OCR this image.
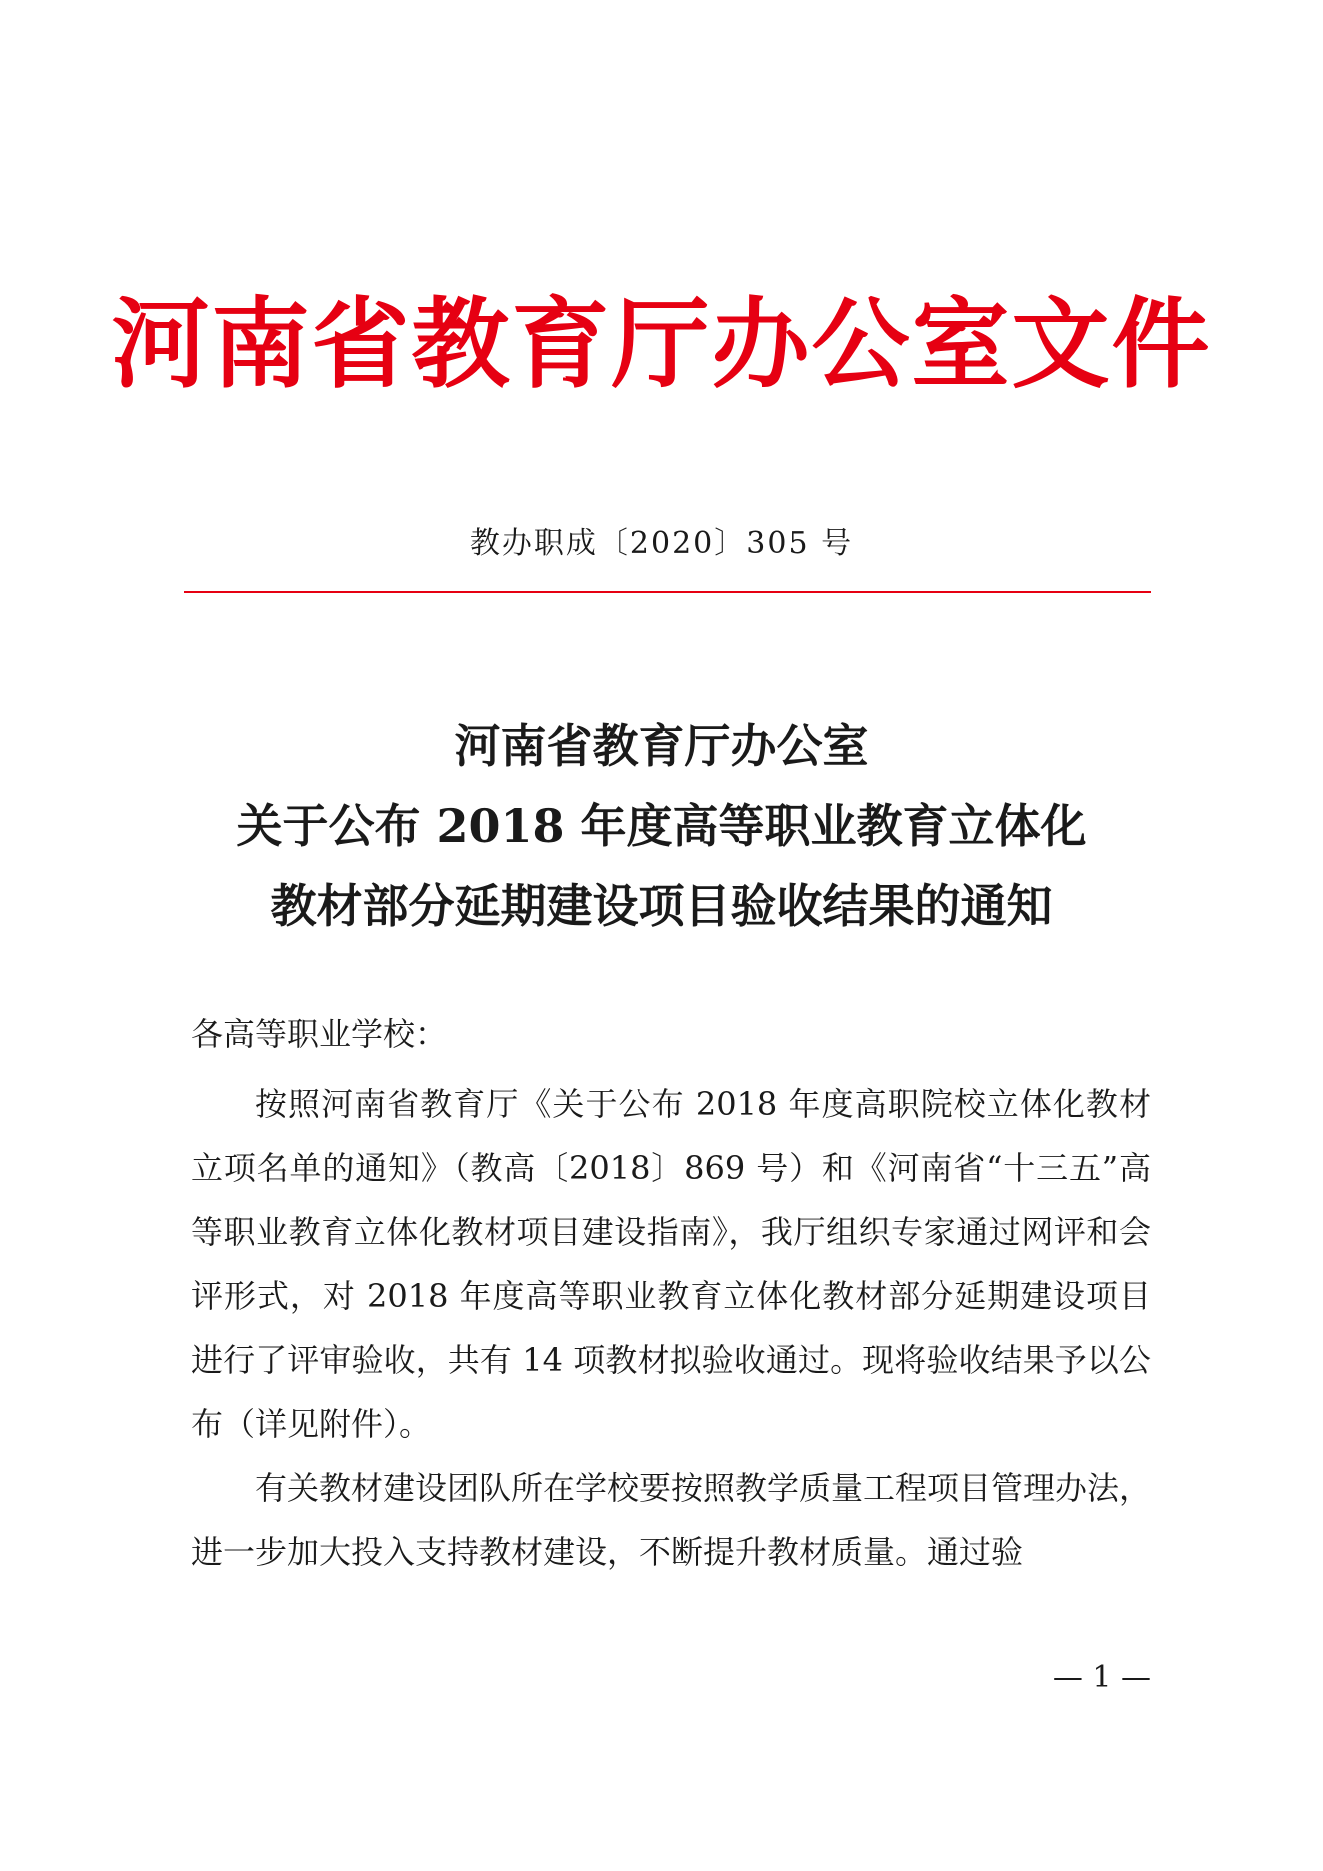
河南省教育厅办公室文件
教办职成〔2020〕305 号
河南省教育厅办公室
关于公布 2018 年度高等职业教育立体化
教材部分延期建设项目验收结果的通知
各高等职业学校：

按照河南省教育厅《关于公布 2018 年度高职院校立体化教材立项名单的通知》（教高〔2018〕869 号）和《河南省“十三五”高等职业教育立体化教材项目建设指南》，我厅组织专家通过网评和会评形式，对 2018 年度高等职业教育立体化教材部分延期建设项目进行了评审验收，共有 14 项教材拟验收通过。现将验收结果予以公布（详见附件）。

有关教材建设团队所在学校要按照教学质量工程项目管理办法，进一步加大投入支持教材建设，不断提升教材质量。通过验

— 1 —
